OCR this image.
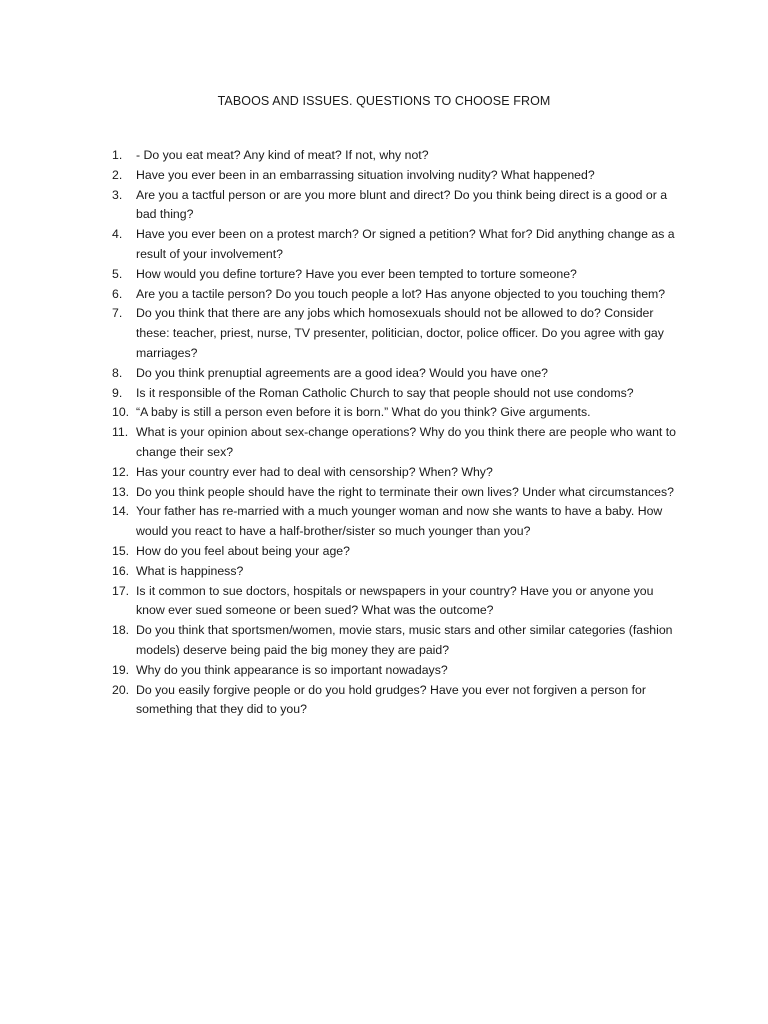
TABOOS AND ISSUES. QUESTIONS TO CHOOSE FROM
1.	- Do you eat meat? Any kind of meat? If not, why not?

2.	Have you ever been in an embarrassing situation involving nudity? What happened?

3.	Are you a tactful person or are you more blunt and direct? Do you think being direct is a good or a bad thing?

4.	Have you ever been on a protest march? Or signed a petition? What for? Did anything change as a result of your involvement?

5.	How would you define torture? Have you ever been tempted to torture someone?

6.	Are you a tactile person? Do you touch people a lot? Has anyone objected to you touching them?

7.	Do you think that there are any jobs which homosexuals should not be allowed to do? Consider these: teacher, priest, nurse, TV presenter, politician, doctor, police officer. Do you agree with gay marriages?

8.	Do you think prenuptial agreements are a good idea? Would you have one?

9.	Is it responsible of the Roman Catholic Church to say that people should not use condoms?

10. “A baby is still a person even before it is born.” What do you think? Give arguments.

11. What is your opinion about sex-change operations? Why do you think there are people who want to change their sex?

12. Has your country ever had to deal with censorship? When? Why?

13. Do you think people should have the right to terminate their own lives? Under what circumstances?

14. Your father has re-married with a much younger woman and now she wants to have a baby. How would you react to have a half-brother/sister so much younger than you?

15. How do you feel about being your age?

16. What is happiness?

17. Is it common to sue doctors, hospitals or newspapers in your country? Have you or anyone you know ever sued someone or been sued? What was the outcome?

18. Do you think that sportsmen/women, movie stars, music stars and other similar categories (fashion models) deserve being paid the big money they are paid?

19. Why do you think appearance is so important nowadays?

20. Do you easily forgive people or do you hold grudges? Have you ever not forgiven a person for something that they did to you?
